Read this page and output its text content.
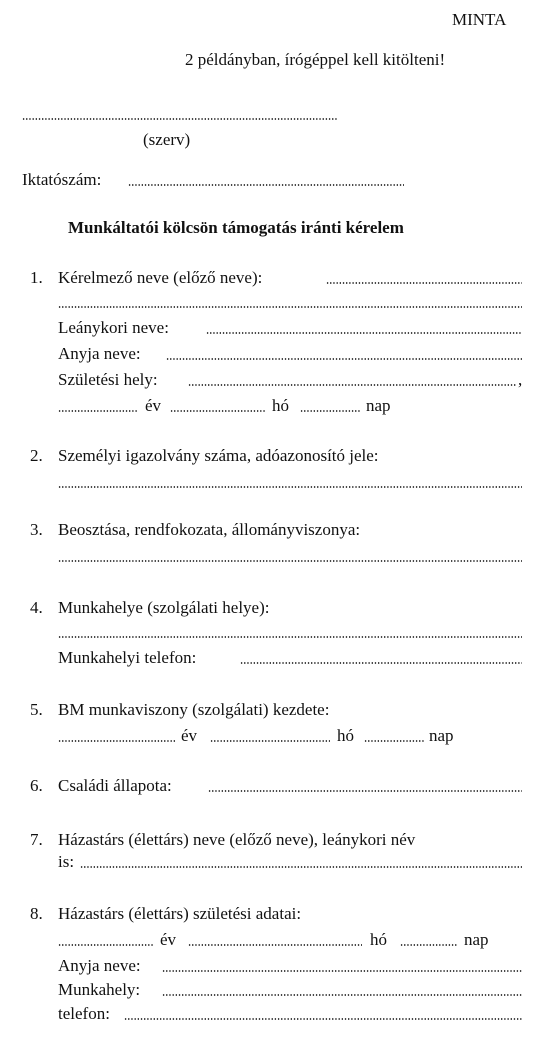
MINTA
2 példányban, írógéppel kell kitölteni!
(szerv)
Iktatószám:
Munkáltatói kölcsön támogatás iránti kérelem
1. Kérelmező neve (előző neve):
Leánykori neve:
Anyja neve:
Születési hely:	,
év	hó	nap
2. Személyi igazolvány száma, adóazonosító jele:
3. Beosztása, rendfokozata, állományviszonya:
4. Munkahelye (szolgálati helye):
Munkahelyi telefon:
5. BM munkaviszony (szolgálati) kezdete:
év	hó	nap
6. Családi állapota:
7. Házastárs (élettárs) neve (előző neve), leánykori név
is:
8. Házastárs (élettárs) születési adatai:
év	hó	nap
Anyja neve:
Munkahely:
telefon:
